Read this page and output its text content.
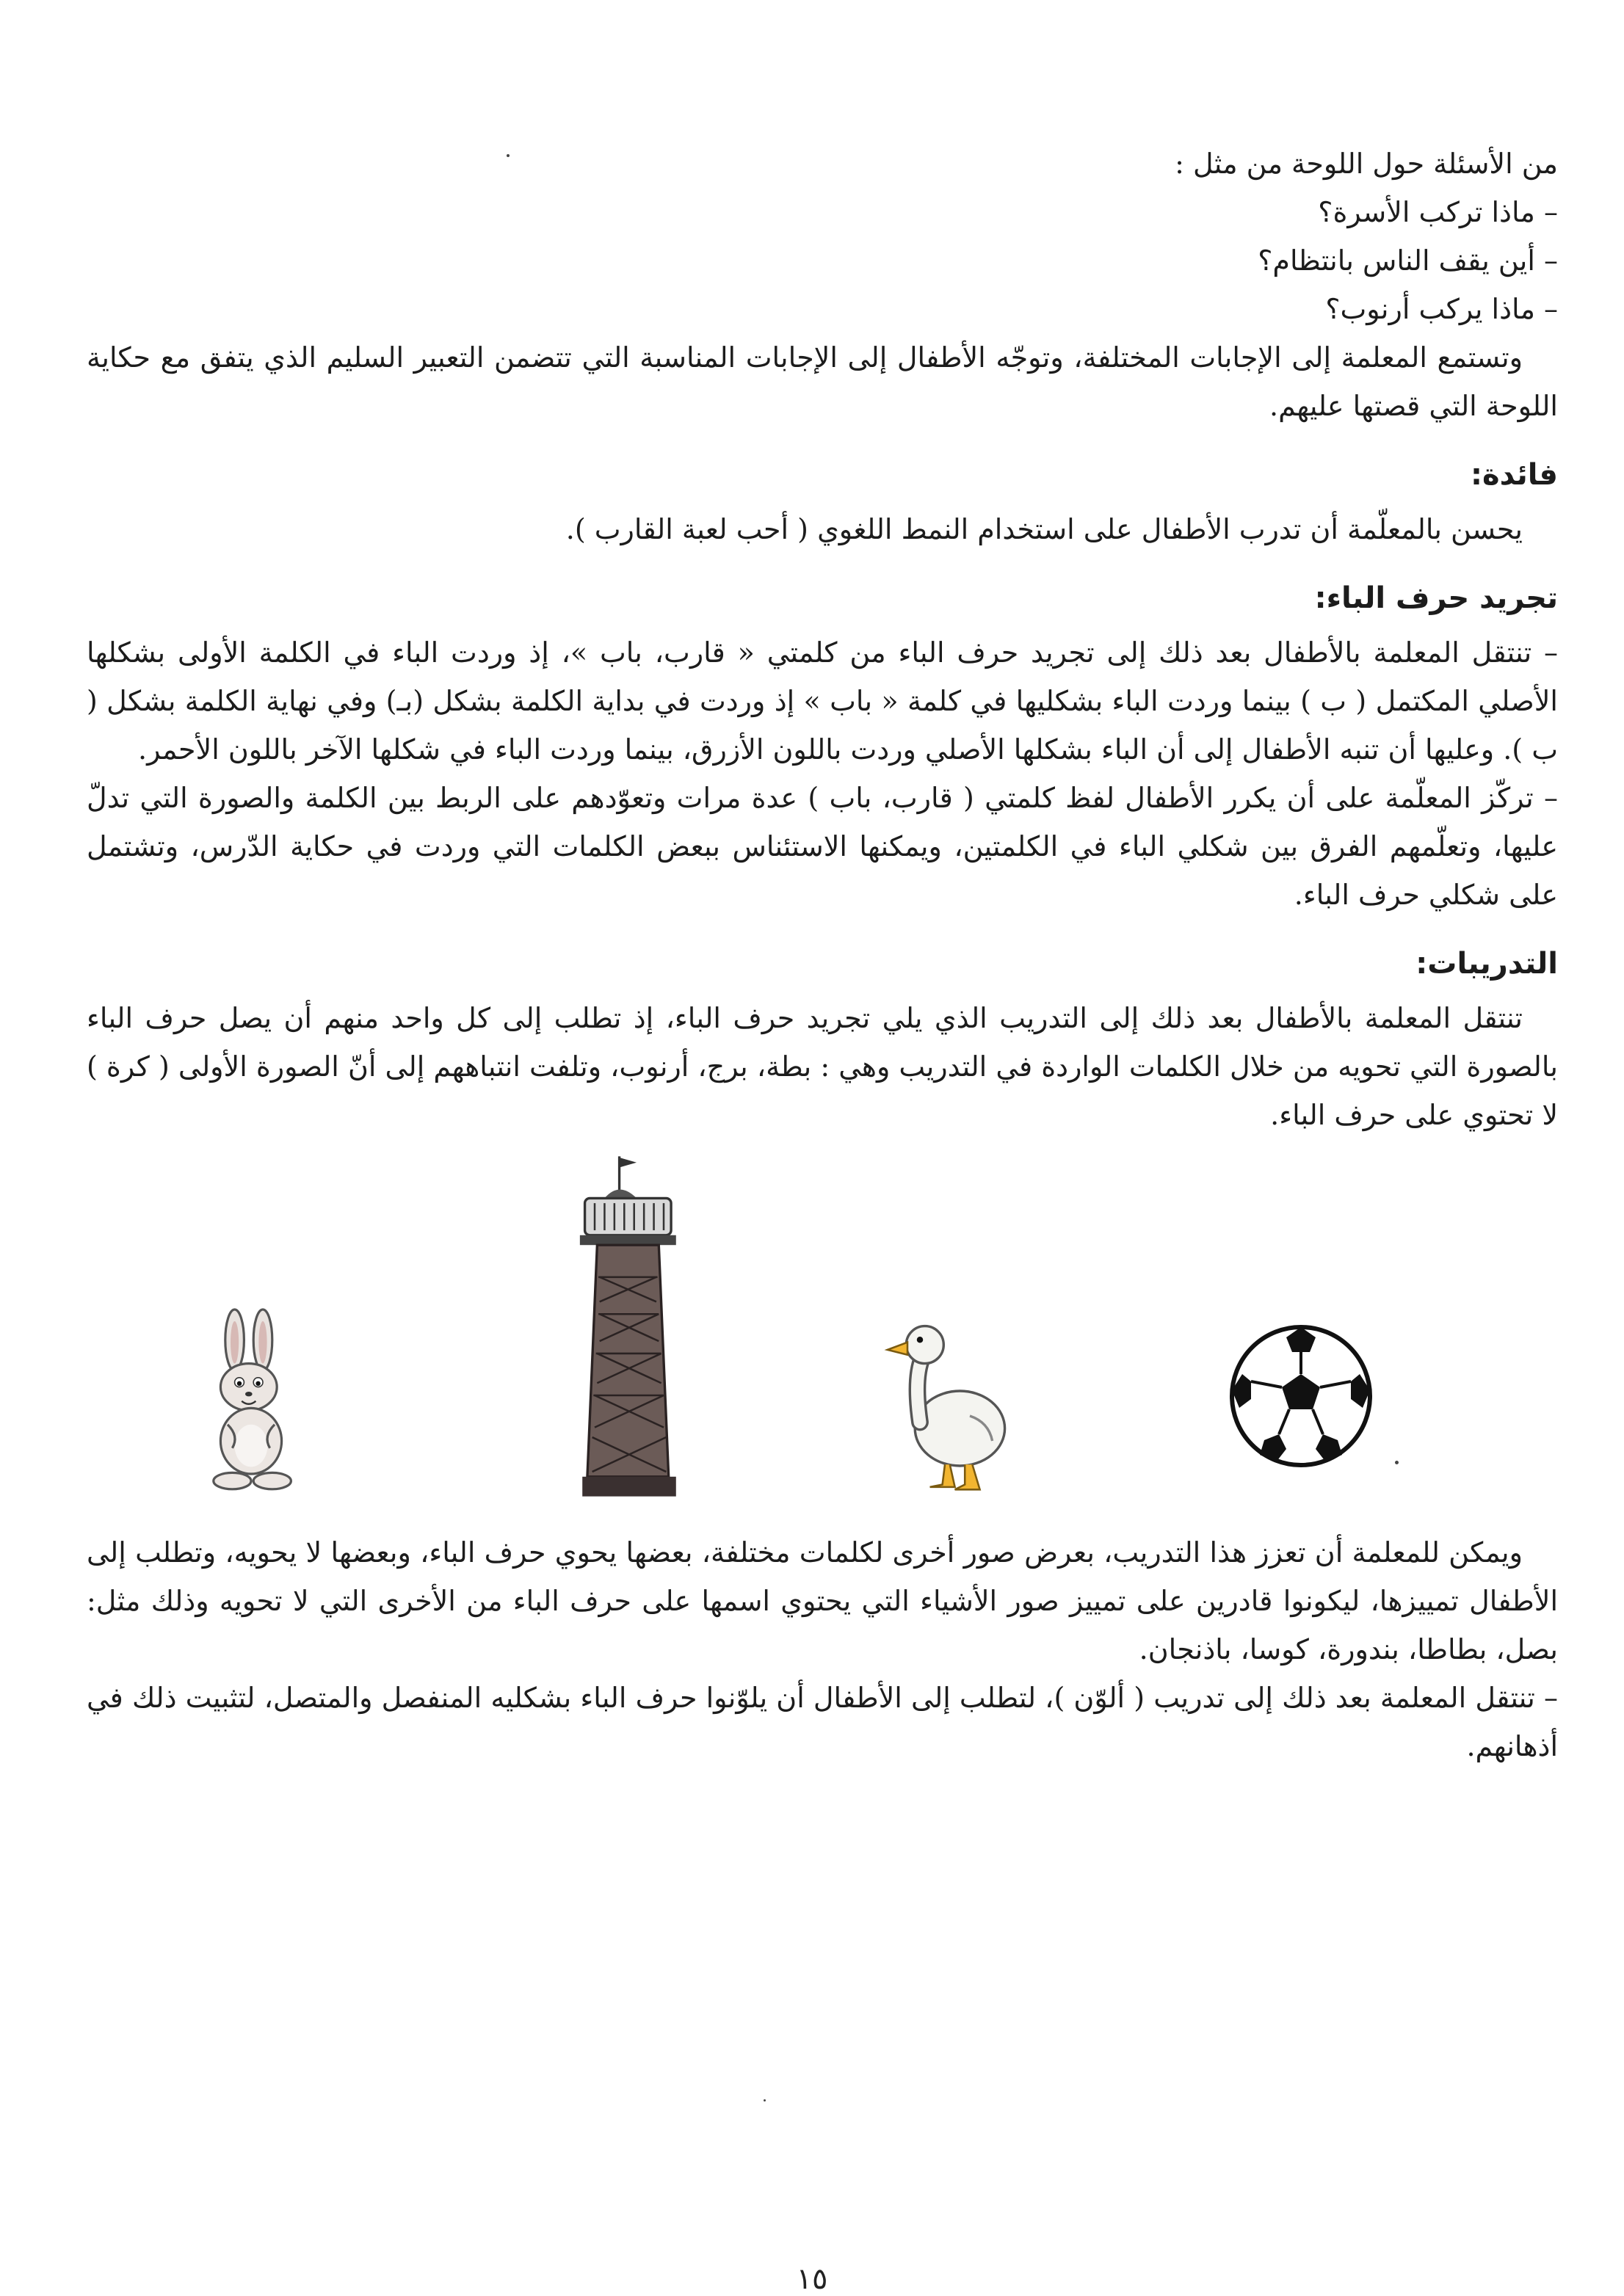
من الأسئلة حول اللوحة من مثل :

– ماذا تركب الأسرة؟
– أين يقف الناس بانتظام؟
– ماذا يركب أرنوب؟

وتستمع المعلمة إلى الإجابات المختلفة، وتوجّه الأطفال إلى الإجابات المناسبة التي تتضمن التعبير السليم الذي يتفق مع حكاية اللوحة التي قصتها عليهم.

فائدة:

يحسن بالمعلّمة أن تدرب الأطفال على استخدام النمط اللغوي ( أحب لعبة القارب ).

تجريد حرف الباء:

– تنتقل المعلمة بالأطفال بعد ذلك إلى تجريد حرف الباء من كلمتي « قارب، باب »، إذ وردت الباء في الكلمة الأولى بشكلها الأصلي المكتمل ( ب ) بينما وردت الباء بشكليها في كلمة « باب » إذ وردت في بداية الكلمة بشكل (بـ) وفي نهاية الكلمة بشكل ( ب ). وعليها أن تنبه الأطفال إلى أن الباء بشكلها الأصلي وردت باللون الأزرق، بينما وردت الباء في شكلها الآخر باللون الأحمر.

– تركّز المعلّمة على أن يكرر الأطفال لفظ كلمتي ( قارب، باب ) عدة مرات وتعوّدهم على الربط بين الكلمة والصورة التي تدلّ عليها، وتعلّمهم الفرق بين شكلي الباء في الكلمتين، ويمكنها الاستئناس ببعض الكلمات التي وردت في حكاية الدّرس، وتشتمل على شكلي حرف الباء.

التدريبات:

تنتقل المعلمة بالأطفال بعد ذلك إلى التدريب الذي يلي تجريد حرف الباء، إذ تطلب إلى كل واحد منهم أن يصل حرف الباء بالصورة التي تحويه من خلال الكلمات الواردة في التدريب وهي : بطة، برج، أرنوب، وتلفت انتباههم إلى أنّ الصورة الأولى ( كرة ) لا تحتوي على حرف الباء.

ويمكن للمعلمة أن تعزز هذا التدريب، بعرض صور أخرى لكلمات مختلفة، بعضها يحوي حرف الباء، وبعضها لا يحويه، وتطلب إلى الأطفال تمييزها، ليكونوا قادرين على تمييز صور الأشياء التي يحتوي اسمها على حرف الباء من الأخرى التي لا تحويه وذلك مثل: بصل، بطاطا، بندورة، كوسا، باذنجان.

– تنتقل المعلمة بعد ذلك إلى تدريب ( ألوّن )، لتطلب إلى الأطفال أن يلوّنوا حرف الباء بشكليه المنفصل والمتصل، لتثبيت ذلك في أذهانهم.

١٥
